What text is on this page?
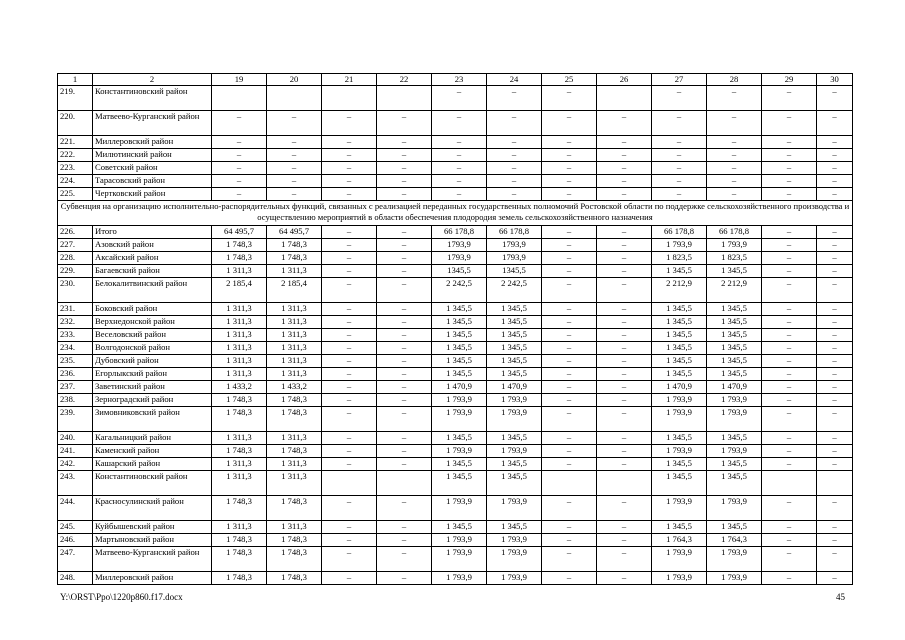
1	2	19	20	21	22	23	24	25	26	27	28	29	30
219.	Константиновский район					–	–	–		–	–	–	–
220.	Матвеево-Курганский район	–	–	–	–	–	–	–	–	–	–	–	–
221.	Миллеровский район	–	–	–	–	–	–	–	–	–	–	–	–
222.	Милютинский район	–	–	–	–	–	–	–	–	–	–	–	–
223.	Советский район	–	–	–	–	–	–	–	–	–	–	–	–
224.	Тарасовский район	–	–	–	–	–	–	–	–	–	–	–	–
225.	Чертковский район	–	–	–	–	–	–	–	–	–	–	–	–
Субвенция на организацию исполнительно-распорядительных функций, связанных с реализацией переданных государственных полномочий Ростовской области по поддержке сельскохозяйственного производства и осуществлению мероприятий в области обеспечения плодородия земель сельскохозяйственного назначения													
226.	Итого	64 495,7	64 495,7	–	–	66 178,8	66 178,8	–	–	66 178,8	66 178,8	–	–
227.	Азовский район	1 748,3	1 748,3	–	–	1793,9	1793,9	–	–	1 793,9	1 793,9	–	–
228.	Аксайский район	1 748,3	1 748,3	–	–	1793,9	1793,9	–	–	1 823,5	1 823,5	–	–
229.	Багаевский район	1 311,3	1 311,3	–	–	1345,5	1345,5	–	–	1 345,5	1 345,5	–	–
230.	Белокалитвинский район	2 185,4	2 185,4	–	–	2 242,5	2 242,5	–	–	2 212,9	2 212,9	–	–
231.	Боковский район	1 311,3	1 311,3	–	–	1 345,5	1 345,5	–	–	1 345,5	1 345,5	–	–
232.	Верхнедонской район	1 311,3	1 311,3	–	–	1 345,5	1 345,5	–	–	1 345,5	1 345,5	–	–
233.	Веселовский район	1 311,3	1 311,3	–	–	1 345,5	1 345,5	–	–	1 345,5	1 345,5	–	–
234.	Волгодонской район	1 311,3	1 311,3	–	–	1 345,5	1 345,5	–	–	1 345,5	1 345,5	–	–
235.	Дубовский район	1 311,3	1 311,3	–	–	1 345,5	1 345,5	–	–	1 345,5	1 345,5	–	–
236.	Егорлыкский район	1 311,3	1 311,3	–	–	1 345,5	1 345,5	–	–	1 345,5	1 345,5	–	–
237.	Заветинский район	1 433,2	1 433,2	–	–	1 470,9	1 470,9	–	–	1 470,9	1 470,9	–	–
238.	Зерноградский район	1 748,3	1 748,3	–	–	1 793,9	1 793,9	–	–	1 793,9	1 793,9	–	–
239.	Зимовниковский район	1 748,3	1 748,3	–	–	1 793,9	1 793,9	–	–	1 793,9	1 793,9	–	–
240.	Кагальницкий район	1 311,3	1 311,3	–	–	1 345,5	1 345,5	–	–	1 345,5	1 345,5	–	–
241.	Каменский район	1 748,3	1 748,3	–	–	1 793,9	1 793,9	–	–	1 793,9	1 793,9	–	–
242.	Кашарский район	1 311,3	1 311,3	–	–	1 345,5	1 345,5	–	–	1 345,5	1 345,5	–	–
243.	Константиновский район	1 311,3	1 311,3			1 345,5	1 345,5			1 345,5	1 345,5		
244.	Красносулинский район	1 748,3	1 748,3	–	–	1 793,9	1 793,9	–	–	1 793,9	1 793,9	–	–
245.	Куйбышевский район	1 311,3	1 311,3	–	–	1 345,5	1 345,5	–	–	1 345,5	1 345,5	–	–
246.	Мартыновский район	1 748,3	1 748,3	–	–	1 793,9	1 793,9	–	–	1 764,3	1 764,3	–	–
247.	Матвеево-Курганский район	1 748,3	1 748,3	–	–	1 793,9	1 793,9	–	–	1 793,9	1 793,9	–	–
248.	Миллеровский район	1 748,3	1 748,3	–	–	1 793,9	1 793,9	–	–	1 793,9	1 793,9	–	–
Y:\ORST\Ppo\1220p860.f17.docx	45
